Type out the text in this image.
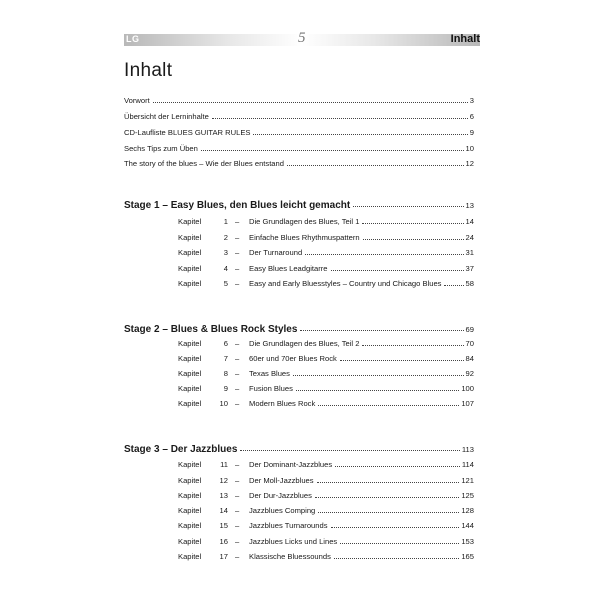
LG	5	Inhalt
Inhalt
Vorwort	3
Übersicht der Lerninhalte	6
CD-Laufliste BLUES GUITAR RULES	9
Sechs Tips zum Üben	10
The story of the blues – Wie der Blues entstand	12
Stage 1 – Easy Blues, den Blues leicht gemacht	13
Kapitel	1 –	Die Grundlagen des Blues, Teil 1	14
Kapitel	2 –	Einfache Blues Rhythmuspattern	24
Kapitel	3 –	Der Turnaround	31
Kapitel	4 –	Easy Blues Leadgitarre	37
Kapitel	5 –	Easy and Early Bluesstyles – Country und Chicago Blues	58
Stage 2 – Blues & Blues Rock Styles	69
Kapitel	6 –	Die Grundlagen des Blues, Teil 2	70
Kapitel	7 –	60er und 70er Blues Rock	84
Kapitel	8 –	Texas Blues	92
Kapitel	9 –	Fusion Blues	100
Kapitel	10 –	Modern Blues Rock	107
Stage 3 – Der Jazzblues	113
Kapitel	11 –	Der Dominant-Jazzblues	114
Kapitel	12 –	Der Moll-Jazzblues	121
Kapitel	13 –	Der Dur-Jazzblues	125
Kapitel	14 –	Jazzblues Comping	128
Kapitel	15 –	Jazzblues Turnarounds	144
Kapitel	16 –	Jazzblues Licks und Lines	153
Kapitel	17 –	Klassische Bluessounds	165
